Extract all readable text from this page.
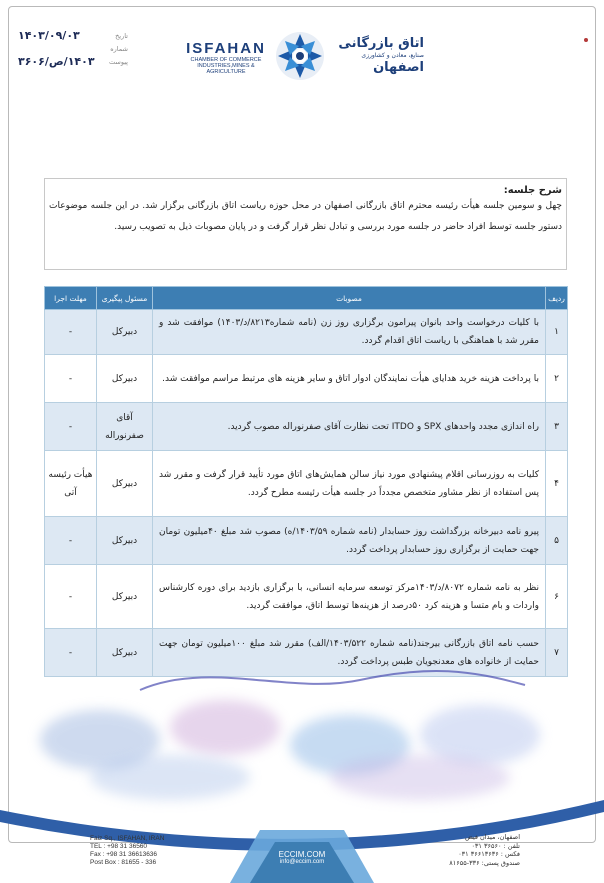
تاریخ
۱۴۰۳/۰۹/۰۳
شماره
پیوست
۱۴۰۳/ص/۳۶۰۶
ISFAHAN
CHAMBER OF COMMERCE
INDUSTRIES,MINES & AGRICULTURE
اتاق بازرگانی
صنایع، معادن و کشاورزی
اصفهان
شرح جلسه:
چهل و سومین جلسه هیأت رئیسه محترم اتاق بازرگانی اصفهان در محل حوزه ریاست اتاق بازرگانی برگزار شد. در این جلسه موضوعات دستور جلسه توسط افراد حاضر در جلسه مورد بررسی و تبادل نظر قرار گرفت و در پایان مصوبات ذیل به تصویب رسید.
ردیف	مصوبات	مسئول پیگیری	مهلت اجرا
۱	با کلیات درخواست واحد بانوان پیرامون برگزاری روز زن (نامه شماره۸۲۱۳/د/۱۴۰۳) موافقت شد و مقرر شد با هماهنگی با ریاست اتاق اقدام گردد.	دبیرکل	-
۲	با پرداخت هزینه خرید هدایای هیأت نمایندگان ادوار اتاق و سایر هزینه های مرتبط مراسم موافقت شد.	دبیرکل	-
۳	راه اندازی مجدد واحدهای SPX و ITDO تحت نظارت آقای صفرنوراله مصوب گردید.	آقای صفرنوراله	-
۴	کلیات به روزرسانی اقلام پیشنهادی مورد نیاز سالن همایش‌های اتاق مورد تأیید قرار گرفت و مقرر شد پس استفاده از نظر مشاور متخصص مجدداً در جلسه هیأت رئیسه مطرح گردد.	دبیرکل	هیأت رئیسه آتی
۵	پیرو نامه دبیرخانه بزرگداشت روز حسابدار (نامه شماره ۱۴۰۳/۵۹/ه) مصوب شد مبلغ ۴۰میلیون تومان جهت حمایت از برگزاری روز حسابدار پرداخت گردد.	دبیرکل	-
۶	نظر به نامه شماره ۸۰۷۲/د/۱۴۰۳مرکز توسعه سرمایه انسانی، با برگزاری بازدید برای دوره کارشناس واردات و بام متسا و هزینه کرد ۵۰درصد از هزینه‌ها توسط اتاق، موافقت گردید.	دبیرکل	-
۷	حسب نامه اتاق بازرگانی بیرجند(نامه شماره ۱۴۰۳/۵۲۲/الف) مقرر شد مبلغ ۱۰۰میلیون تومان جهت حمایت از خانواده های معدنجویان طبس پرداخت گردد.	دبیرکل	-
Faiz Sq., ISFAHAN, IRAN
TEL : +98 31 36560
Fax : +98 31 36613636
Post Box : 81655 - 336
ECCIM.COM
info@eccim.com
اصفهان، میدان فیض
تلفن : ۳۶۵۶۰ ۰۳۱
فکس : ۳۶۶۱۳۶۳۶ ۰۳۱
صندوق پستی: ۳۳۶-۸۱۶۵۵
